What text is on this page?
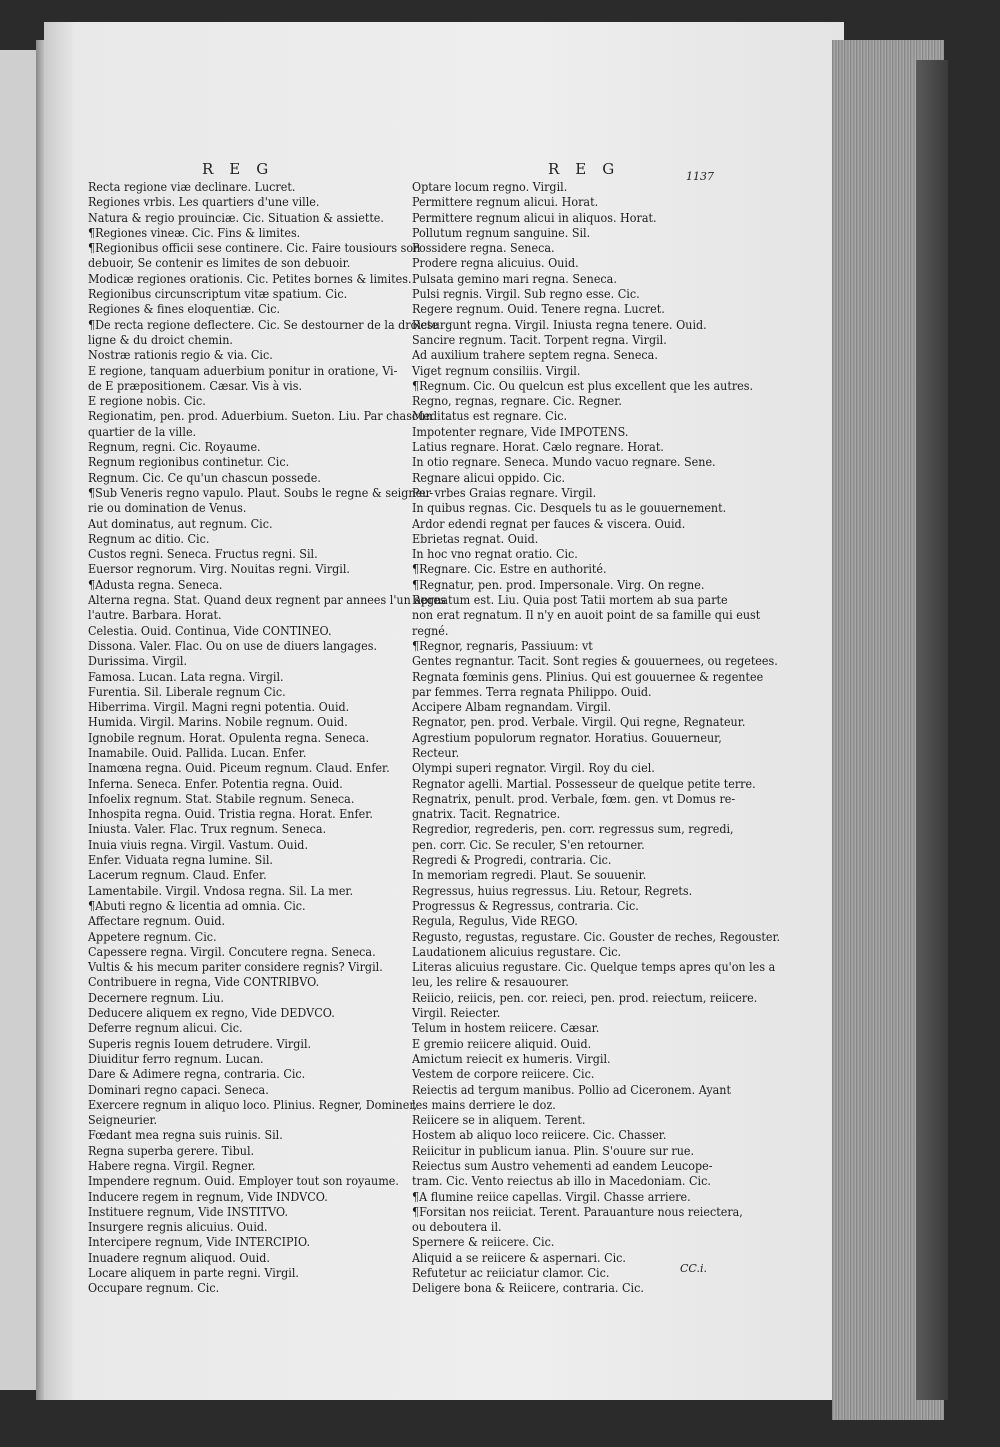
REG	REG	1137
Recta regione viæ declinare. Lucret.
Regiones vrbis. Les quartiers d'une ville.
Natura & regio prouinciæ. Cic. Situation & assiette.
¶Regiones vineæ. Cic. Fins & limites.
¶Regionibus officii sese continere. Cic. Faire tousiours son
debuoir, Se contenir es limites de son debuoir.
Modicæ regiones orationis. Cic. Petites bornes & limites.
Regionibus circunscriptum vitæ spatium. Cic.
Regiones & fines eloquentiæ. Cic.
¶De recta regione deflectere. Cic. Se destourner de la droicte
ligne & du droict chemin.
Nostræ rationis regio & via. Cic.
E regione, tanquam aduerbium ponitur in oratione, Vi-
de E præpositionem. Cæsar. Vis à vis.
E regione nobis. Cic.
Regionatim, pen. prod. Aduerbium. Sueton. Liu. Par chascun
quartier de la ville.
Regnum, regni. Cic. Royaume.
Regnum regionibus continetur. Cic.
Regnum. Cic. Ce qu'un chascun possede.
¶Sub Veneris regno vapulo. Plaut. Soubs le regne & seigneu-
rie ou domination de Venus.
Aut dominatus, aut regnum. Cic.
Regnum ac ditio. Cic.
Custos regni. Seneca. Fructus regni. Sil.
Euersor regnorum. Virg. Nouitas regni. Virgil.
¶Adusta regna. Seneca.
Alterna regna. Stat. Quand deux regnent par annees l'un apres
l'autre. Barbara. Horat.
Celestia. Ouid. Continua, Vide CONTINEO.
Dissona. Valer. Flac. Ou on use de diuers langages.
Durissima. Virgil.
Famosa. Lucan. Lata regna. Virgil.
Furentia. Sil. Liberale regnum Cic.
Hiberrima. Virgil. Magni regni potentia. Ouid.
Humida. Virgil. Marins. Nobile regnum. Ouid.
Ignobile regnum. Horat. Opulenta regna. Seneca.
Inamabile. Ouid. Pallida. Lucan. Enfer.
Inamœna regna. Ouid. Piceum regnum. Claud. Enfer.
Inferna. Seneca. Enfer. Potentia regna. Ouid.
Infoelix regnum. Stat. Stabile regnum. Seneca.
Inhospita regna. Ouid. Tristia regna. Horat. Enfer.
Iniusta. Valer. Flac. Trux regnum. Seneca.
Inuia viuis regna. Virgil. Vastum. Ouid.
Enfer. Viduata regna lumine. Sil.
Lacerum regnum. Claud. Enfer.
Lamentabile. Virgil. Vndosa regna. Sil. La mer.
¶Abuti regno & licentia ad omnia. Cic.
Affectare regnum. Ouid.
Appetere regnum. Cic.
Capessere regna. Virgil. Concutere regna. Seneca.
Vultis & his mecum pariter considere regnis? Virgil.
Contribuere in regna, Vide CONTRIBVO.
Decernere regnum. Liu.
Deducere aliquem ex regno, Vide DEDVCO.
Deferre regnum alicui. Cic.
Superis regnis Iouem detrudere. Virgil.
Diuiditur ferro regnum. Lucan.
Dare & Adimere regna, contraria. Cic.
Dominari regno capaci. Seneca.
Exercere regnum in aliquo loco. Plinius. Regner, Dominer,
Seigneurier.
Fœdant mea regna suis ruinis. Sil.
Regna superba gerere. Tibul.
Habere regna. Virgil. Regner.
Impendere regnum. Ouid. Employer tout son royaume.
Inducere regem in regnum, Vide INDVCO.
Instituere regnum, Vide INSTITVO.
Insurgere regnis alicuius. Ouid.
Intercipere regnum, Vide INTERCIPIO.
Inuadere regnum aliquod. Ouid.
Locare aliquem in parte regni. Virgil.
Occupare regnum. Cic.
Optare locum regno. Virgil.
Permittere regnum alicui. Horat.
Permittere regnum alicui in aliquos. Horat.
Pollutum regnum sanguine. Sil.
Possidere regna. Seneca.
Prodere regna alicuius. Ouid.
Pulsata gemino mari regna. Seneca.
Pulsi regnis. Virgil. Sub regno esse. Cic.
Regere regnum. Ouid. Tenere regna. Lucret.
Resurgunt regna. Virgil. Iniusta regna tenere. Ouid.
Sancire regnum. Tacit. Torpent regna. Virgil.
Ad auxilium trahere septem regna. Seneca.
Viget regnum consiliis. Virgil.
¶Regnum. Cic. Ou quelcun est plus excellent que les autres.
Regno, regnas, regnare. Cic. Regner.
Meditatus est regnare. Cic.
Impotenter regnare, Vide IMPOTENS.
Latius regnare. Horat. Cælo regnare. Horat.
In otio regnare. Seneca. Mundo vacuo regnare. Sene.
Regnare alicui oppido. Cic.
Per vrbes Graias regnare. Virgil.
In quibus regnas. Cic. Desquels tu as le gouuernement.
Ardor edendi regnat per fauces & viscera. Ouid.
Ebrietas regnat. Ouid.
In hoc vno regnat oratio. Cic.
¶Regnare. Cic. Estre en authorité.
¶Regnatur, pen. prod. Impersonale. Virg. On regne.
Regnatum est. Liu. Quia post Tatii mortem ab sua parte
non erat regnatum. Il n'y en auoit point de sa famille qui eust
regné.
¶Regnor, regnaris, Passiuum: vt
Gentes regnantur. Tacit. Sont regies & gouuernees, ou regetees.
Regnata fœminis gens. Plinius. Qui est gouuernee & regentee
par femmes. Terra regnata Philippo. Ouid.
Accipere Albam regnandam. Virgil.
Regnator, pen. prod. Verbale. Virgil. Qui regne, Regnateur.
Agrestium populorum regnator. Horatius. Gouuerneur,
Recteur.
Olympi superi regnator. Virgil. Roy du ciel.
Regnator agelli. Martial. Possesseur de quelque petite terre.
Regnatrix, penult. prod. Verbale, fœm. gen. vt Domus re-
gnatrix. Tacit. Regnatrice.
Regredior, regrederis, pen. corr. regressus sum, regredi,
pen. corr. Cic. Se reculer, S'en retourner.
Regredi & Progredi, contraria. Cic.
In memoriam regredi. Plaut. Se souuenir.
Regressus, huius regressus. Liu. Retour, Regrets.
Progressus & Regressus, contraria. Cic.
Regula, Regulus, Vide REGO.
Regusto, regustas, regustare. Cic. Gouster de reches, Regouster.
Laudationem alicuius regustare. Cic.
Literas alicuius regustare. Cic. Quelque temps apres qu'on les a
leu, les relire & resauourer.
Reiicio, reiicis, pen. cor. reieci, pen. prod. reiectum, reiicere.
Virgil. Reiecter.
Telum in hostem reiicere. Cæsar.
E gremio reiicere aliquid. Ouid.
Amictum reiecit ex humeris. Virgil.
Vestem de corpore reiicere. Cic.
Reiectis ad tergum manibus. Pollio ad Ciceronem. Ayant
les mains derriere le doz.
Reiicere se in aliquem. Terent.
Hostem ab aliquo loco reiicere. Cic. Chasser.
Reiicitur in publicum ianua. Plin. S'ouure sur rue.
Reiectus sum Austro vehementi ad eandem Leucope-
tram. Cic. Vento reiectus ab illo in Macedoniam. Cic.
¶A flumine reiice capellas. Virgil. Chasse arriere.
¶Forsitan nos reiiciat. Terent. Parauanture nous reiectera,
ou deboutera il.
Spernere & reiicere. Cic.
Aliquid a se reiicere & aspernari. Cic.
Refutetur ac reiiciatur clamor. Cic.
Deligere bona & Reiicere, contraria. Cic.
CC.i.
